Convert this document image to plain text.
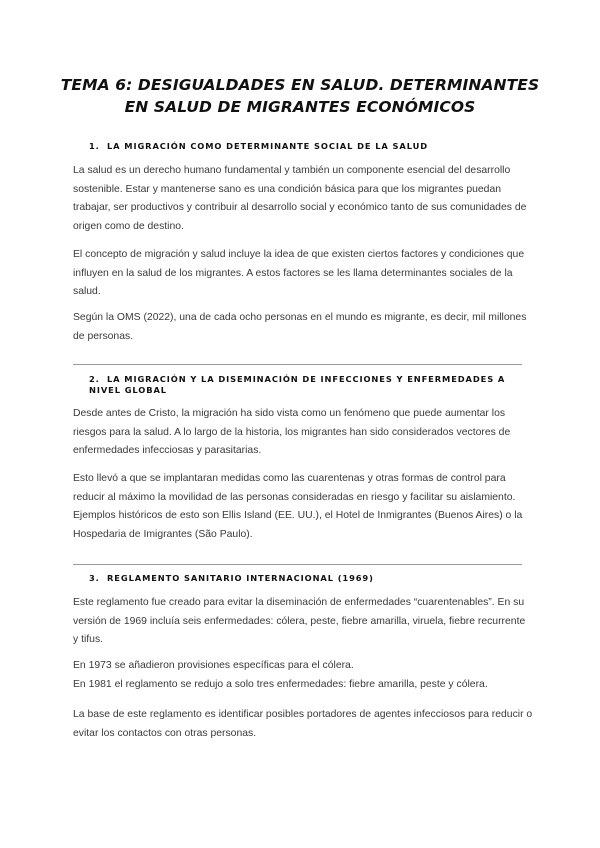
TEMA 6: DESIGUALDADES EN SALUD. DETERMINANTES EN SALUD DE MIGRANTES ECONÓMICOS
1. LA MIGRACIÓN COMO DETERMINANTE SOCIAL DE LA SALUD

La salud es un derecho humano fundamental y también un componente esencial del desarrollo sostenible. Estar y mantenerse sano es una condición básica para que los migrantes puedan trabajar, ser productivos y contribuir al desarrollo social y económico tanto de sus comunidades de origen como de destino.

El concepto de migración y salud incluye la idea de que existen ciertos factores y condiciones que influyen en la salud de los migrantes. A estos factores se les llama determinantes sociales de la salud.

Según la OMS (2022), una de cada ocho personas en el mundo es migrante, es decir, mil millones de personas.

2. LA MIGRACIÓN Y LA DISEMINACIÓN DE INFECCIONES Y ENFERMEDADES A NIVEL GLOBAL

Desde antes de Cristo, la migración ha sido vista como un fenómeno que puede aumentar los riesgos para la salud. A lo largo de la historia, los migrantes han sido considerados vectores de enfermedades infecciosas y parasitarias.

Esto llevó a que se implantaran medidas como las cuarentenas y otras formas de control para reducir al máximo la movilidad de las personas consideradas en riesgo y facilitar su aislamiento. Ejemplos históricos de esto son Ellis Island (EE. UU.), el Hotel de Inmigrantes (Buenos Aires) o la Hospedaria de Imigrantes (São Paulo).

3. REGLAMENTO SANITARIO INTERNACIONAL (1969)

Este reglamento fue creado para evitar la diseminación de enfermedades “cuarentenables”. En su versión de 1969 incluía seis enfermedades: cólera, peste, fiebre amarilla, viruela, fiebre recurrente y tifus.

En 1973 se añadieron provisiones específicas para el cólera.

En 1981 el reglamento se redujo a solo tres enfermedades: fiebre amarilla, peste y cólera.

La base de este reglamento es identificar posibles portadores de agentes infecciosos para reducir o evitar los contactos con otras personas.
